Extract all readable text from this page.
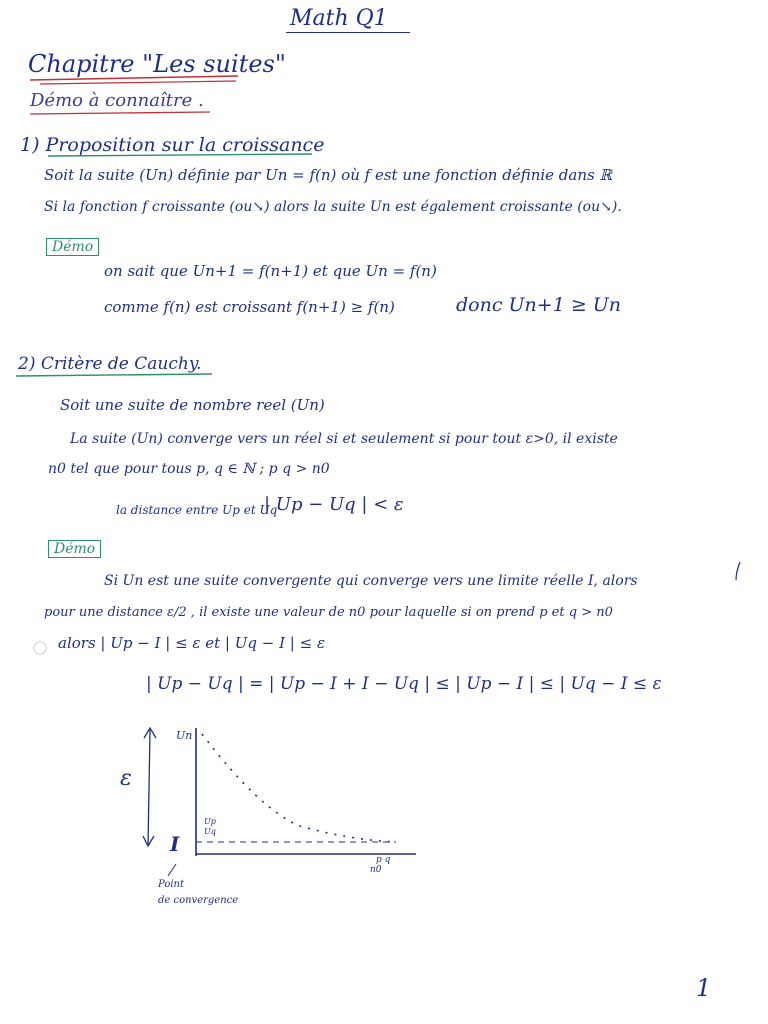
Math Q1
Chapitre "Les suites"
Démo à connaître .
1) Proposition sur la croissance
Soit la suite (Un) définie par Un = f(n) où f est une fonction définie dans ℝ
Si la fonction f croissante (ou↘) alors la suite Un est également croissante (ou↘).
Démo
on sait que Un+1 = f(n+1) et que Un = f(n)
comme f(n) est croissant f(n+1) ≥ f(n)	donc Un+1 ≥ Un
2) Critère de Cauchy.
Soit une suite de nombre reel (Un)
La suite (Un) converge vers un réel si et seulement si pour tout ε>0, il existe
n0 tel que pour tous p, q ∈ ℕ ; p q > n0
la distance entre Up et Uq
| Up − Uq | < ε
Démo
Si Un est une suite convergente qui converge vers une limite réelle I, alors
pour une distance ε/2 , il existe une valeur de n0 pour laquelle si on prend p et q > n0
alors | Up − I | ≤ ε et | Uq − I | ≤ ε
| Up − Uq | = | Up − I + I − Uq | ≤ | Up − I | ≤ | Uq − I ≤ ε
Un
ε
I
Up
Uq
n0
p q
Point
de convergence
1
